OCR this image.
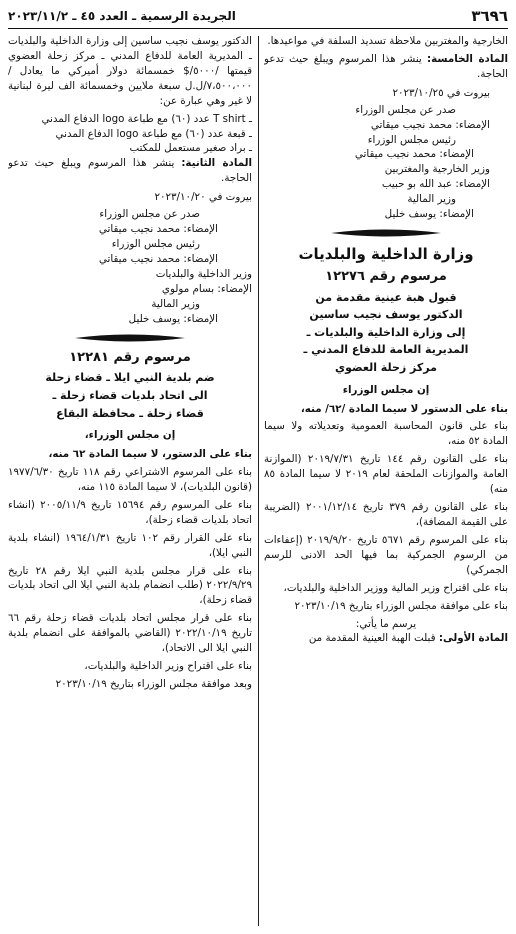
٣٦٩٦
الجريدة الرسمية ـ العدد ٤٥ ـ ٢٠٢٣/١١/٢

الخارجية والمغتربين ملاحظة تسديد السلفة في مواعيدها.

المادة الخامسة: ينشر هذا المرسوم ويبلغ حيث تدعو الحاجة.

بيروت في ٢٠٢٣/١٠/٢٥
صدر عن مجلس الوزراء
الإمضاء: محمد نجيب ميقاتي
رئيس مجلس الوزراء
الإمضاء: محمد نجيب ميقاتي
وزير الخارجية والمغتربين
الإمضاء: عبد الله بو حبيب
وزير المالية
الإمضاء: يوسف خليل
وزارة الداخلية والبلديات
مرسوم رقم ١٢٢٧٦
قبول هبة عينية مقدمة من
الدكتور يوسف نجيب ساسين
إلى وزارة الداخلية والبلديات ـ
المديرية العامة للدفاع المدني ـ
مركز زحلة العضوي
إن مجلس الوزراء

بناء على الدستور لا سيما المادة /٦٢/ منه،

بناء على قانون المحاسبة العمومية وتعديلاته ولا سيما المادة ٥٢ منه،

بناء على القانون رقم ١٤٤ تاريخ ٢٠١٩/٧/٣١ (الموازنة العامة والموازنات الملحقة لعام ٢٠١٩ لا سيما المادة ٨٥ منه)

بناء على القانون رقم ٣٧٩ تاريخ ٢٠٠١/١٢/١٤ (الضريبة على القيمة المضافة)،

بناء على المرسوم رقم ٥٦٧١ تاريخ ٢٠١٩/٩/٢٠ (إعفاءات من الرسوم الجمركية بما فيها الحد الادنى للرسم الجمركي)

بناء على اقتراح وزير المالية ووزير الداخلية والبلديات،

بناء على موافقة مجلس الوزراء بتاريخ ٢٠٢٣/١٠/١٩

يرسم ما يأتي:

المادة الأولى: قبلت الهبة العينية المقدمة من

الدكتور يوسف نجيب ساسين إلى وزارة الداخلية والبلديات ـ المديرية العامة للدفاع المدني ـ مركز زحلة العضوي قيمتها /٥٠٠٠/$ خمسمائة دولار أميركي ما يعادل /٧،٥٠٠،٠٠٠/ل.ل سبعة ملايين وخمسمائة الف ليرة لبنانية لا غير وهي عبارة عن:

ـ T shirt عدد (٦٠) مع طباعة logo الدفاع المدني
ـ قبعة عدد (٦٠) مع طباعة logo الدفاع المدني
ـ براد صغير مستعمل للمكتب

المادة الثانية: ينشر هذا المرسوم ويبلغ حيث تدعو الحاجة.

بيروت في ٢٠٢٣/١٠/٢٠
صدر عن مجلس الوزراء
الإمضاء: محمد نجيب ميقاتي
رئيس مجلس الوزراء
الإمضاء: محمد نجيب ميقاتي
وزير الداخلية والبلديات
الإمضاء: بسام مولوي
وزير المالية
الإمضاء: يوسف خليل
مرسوم رقم ١٢٢٨١
ضم بلدية النبي ايلا ـ قضاء زحلة
الى اتحاد بلديات قضاء زحلة ـ
قضاء زحلة ـ محافظة البقاع
إن مجلس الوزراء،

بناء على الدستور، لا سيما المادة ٦٢ منه،

بناء على المرسوم الاشتراعي رقم ١١٨ تاريخ ١٩٧٧/٦/٣٠ (قانون البلديات)، لا سيما المادة ١١٥ منه،

بناء على المرسوم رقم ١٥٦٩٤ تاريخ ٢٠٠٥/١١/٩ (انشاء اتحاد بلديات قضاء زحلة)،

بناء على القرار رقم ١٠٢ تاريخ ١٩٦٤/١/٣١ (انشاء بلدية النبي ايلا)،

بناء على قرار مجلس بلدية النبي ايلا رقم ٢٨ تاريخ ٢٠٢٢/٩/٢٩ (طلب انضمام بلدية النبي ايلا الى اتحاد بلديات قضاء زحلة)،

بناء على قرار مجلس اتحاد بلديات قضاء زحلة رقم ٦٦ تاريخ ٢٠٢٢/١٠/١٩ (القاضي بالموافقة على انضمام بلدية النبي ايلا الى الاتحاد)،

بناء على اقتراح وزير الداخلية والبلديات،

وبعد موافقة مجلس الوزراء بتاريخ ٢٠٢٣/١٠/١٩
